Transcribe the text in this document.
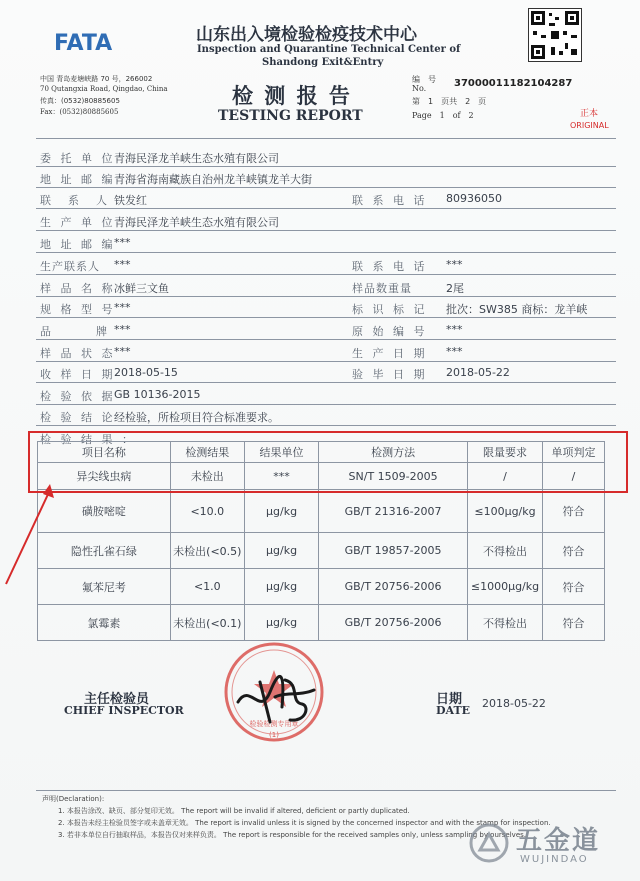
FATA	山东出入境检验检疫技术中心
Inspection and Quarantine Technical Center of
Shandong Exit&Entry
中国 青岛麦塘峡路 70 号，266002
70 Qutangxia Road, Qingdao, China
传真：(0532)80885605
Fax：(0532)80885605
检 测 报 告
TESTING REPORT
编　号
No.	37000011182104287
第　1　页共　2　页
Page　1　of　2	正本
ORIGINAL
委 托 单 位
青海民泽龙羊峡生态水殖有限公司
地 址 邮 编
青海省海南藏族自治州龙羊峡镇龙羊大街
联　系　人 铁发红	联 系 电 话 80936050
生 产 单 位
青海民泽龙羊峡生态水殖有限公司
地 址 邮 编
***
生产联系人 ***	联 系 电 话 ***
样 品 名 称
冰鲜三文鱼	样品数重量	2尾
规 格 型 号
***	标 识 标 记 批次：SW385 商标：龙羊峡
品　　　牌 ***	原 始 编 号 ***
样 品 状 态
***	生 产 日 期 ***
收 样 日 期
2018-05-15	验 毕 日 期 2018-05-22
检 验 依 据
GB 10136-2015
检 验 结 论
经检验，所检项目符合标准要求。
检 验 结 果 ：
项目名称	检测结果	结果单位	检测方法	限量要求	单项判定
异尖线虫病	未检出	***	SN/T 1509-2005	/	/
磺胺嘧啶	<10.0	μg/kg	GB/T 21316-2007	≤100μg/kg	符合
隐性孔雀石绿	未检出(<0.5)	μg/kg	GB/T 19857-2005	不得检出	符合
氟苯尼考	<1.0	μg/kg	GB/T 20756-2006	≤1000μg/kg	符合
氯霉素	未检出(<0.1)	μg/kg	GB/T 20756-2006	不得检出	符合
主任检验员
CHIEF INSPECTOR
检验检测专用章
(1)
日期
DATE
2018-05-22
声明(Declaration):
1. 本报告涂改、缺页、部分复印无效。 The report will be invalid if altered, deficient or partly duplicated.
2. 本报告未经主检验员签字或未盖章无效。 The report is invalid unless it is signed by the concerned inspector and with the stamp for inspection.
3. 若非本单位自行抽取样品，本报告仅对来样负责。 The report is responsible for the received samples only, unless sampling by ourselves.
五金道
WUJINDAO
